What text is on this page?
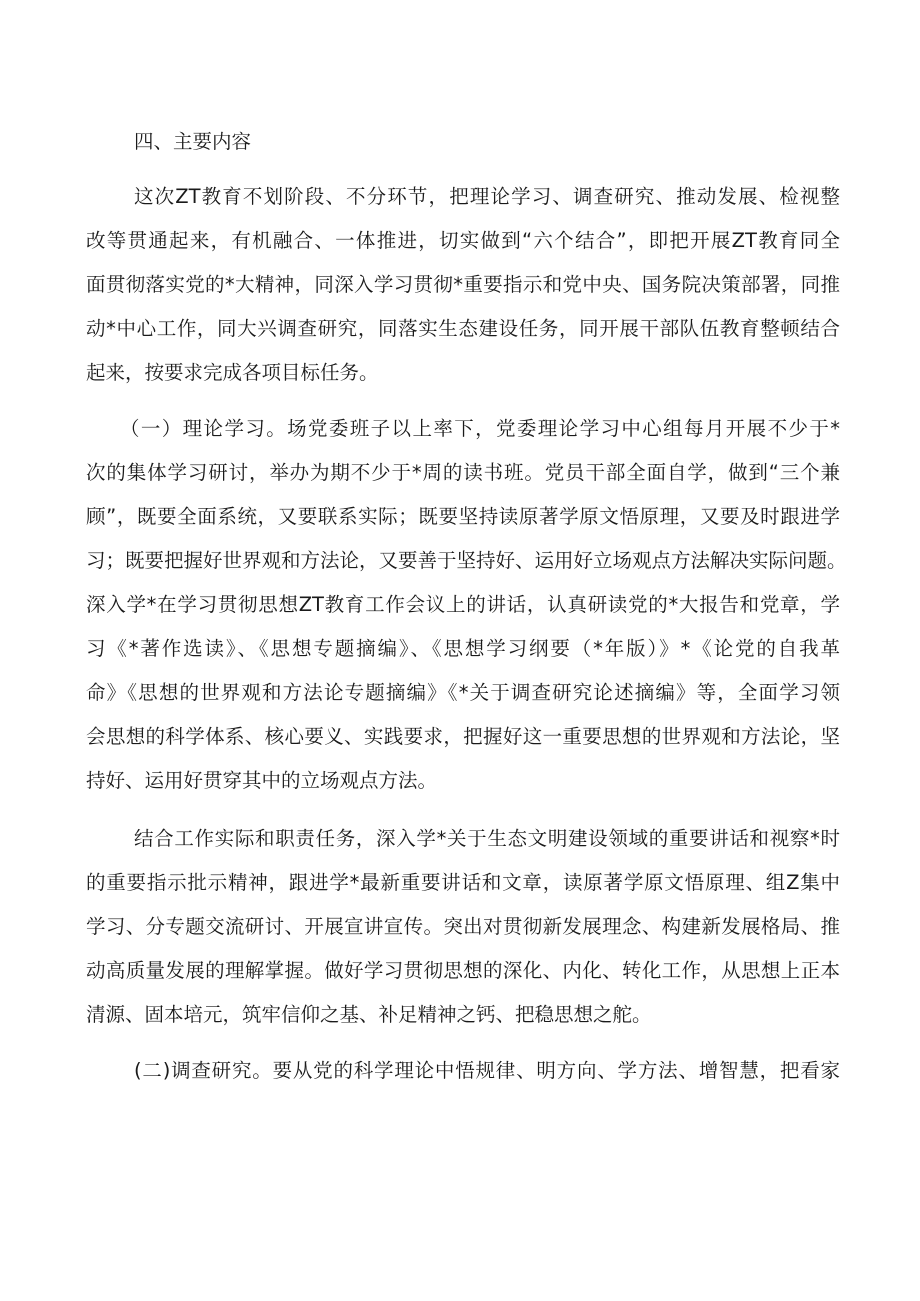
四、主要内容
这次ZT教育不划阶段、不分环节，把理论学习、调查研究、推动发展、检视整
改等贯通起来，有机融合、一体推进，切实做到“六个结合”，即把开展ZT教育同全
面贯彻落实党的*大精神，同深入学习贯彻*重要指示和党中央、国务院决策部署，同推
动*中心工作，同大兴调查研究，同落实生态建设任务，同开展干部队伍教育整顿结合
起来，按要求完成各项目标任务。
（一）理论学习。场党委班子以上率下，党委理论学习中心组每月开展不少于*
次的集体学习研讨，举办为期不少于*周的读书班。党员干部全面自学，做到“三个兼
顾”，既要全面系统，又要联系实际；既要坚持读原著学原文悟原理，又要及时跟进学
习；既要把握好世界观和方法论，又要善于坚持好、运用好立场观点方法解决实际问题。
深入学*在学习贯彻思想ZT教育工作会议上的讲话，认真研读党的*大报告和党章，学
习《*著作选读》、《思想专题摘编》、《思想学习纲要（*年版）》*《论党的自我革
命》《思想的世界观和方法论专题摘编》《*关于调查研究论述摘编》等，全面学习领
会思想的科学体系、核心要义、实践要求，把握好这一重要思想的世界观和方法论，坚
持好、运用好贯穿其中的立场观点方法。
结合工作实际和职责任务，深入学*关于生态文明建设领域的重要讲话和视察*时
的重要指示批示精神，跟进学*最新重要讲话和文章，读原著学原文悟原理、组Z集中
学习、分专题交流研讨、开展宣讲宣传。突出对贯彻新发展理念、构建新发展格局、推
动高质量发展的理解掌握。做好学习贯彻思想的深化、内化、转化工作，从思想上正本
清源、固本培元，筑牢信仰之基、补足精神之钙、把稳思想之舵。
(二)调查研究。要从党的科学理论中悟规律、明方向、学方法、增智慧，把看家
